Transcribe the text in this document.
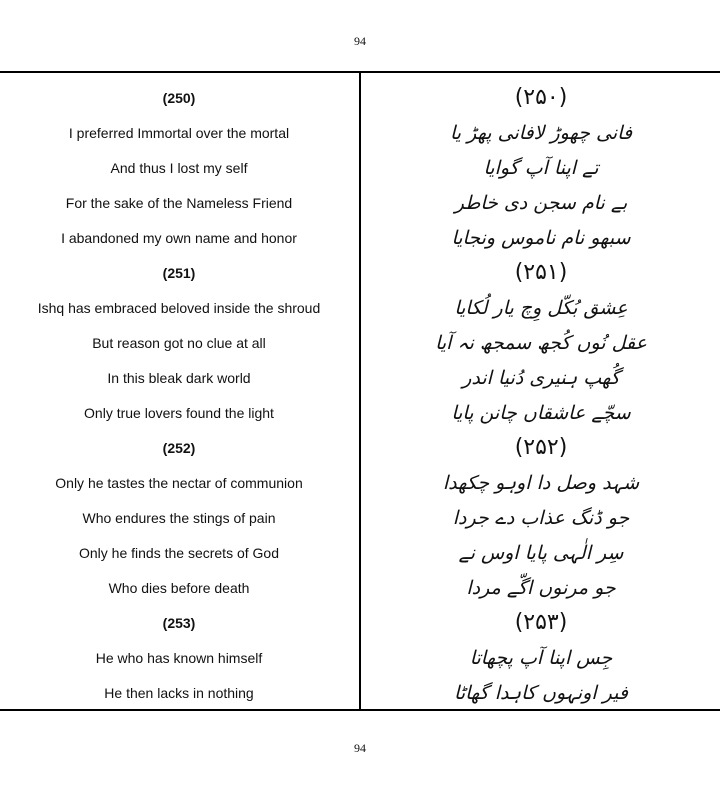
94
(250)
I preferred Immortal over the mortal
And thus I lost my self
For the sake of the Nameless Friend
I abandoned my own name and honor
(251)
Ishq has embraced beloved inside the shroud
But reason got no clue at all
In this bleak dark world
Only true lovers found the light
(252)
Only he tastes the nectar of communion
Who endures the stings of pain
Only he finds the secrets of God
Who dies before death
(253)
He who has known himself
He then lacks in nothing
(۲۵۰)
فانی چھوڑ لافانی پھڑ یا
تے اپنا آپ گوایا
بے نام سجن دی خاطر
سبھو نام ناموس ونجایا
(۲۵۱)
عِشق بُکّل وِچ یار لُکایا
عقل نُوں کُجھ سمجھ نہ آیا
گُھپ ہنیری دُنیا اندر
سچّے عاشقاں چانن پایا
(۲۵۲)
شہد وصل دا اوہو چکھدا
جو ڈنگ عذاب دے جردا
سِر الٰہی پایا اوس نے
جو مرنوں اگّے مردا
(۲۵۳)
جِس اپنا آپ پچھاتا
فیر اونہوں کاہدا گھاٹا
94
